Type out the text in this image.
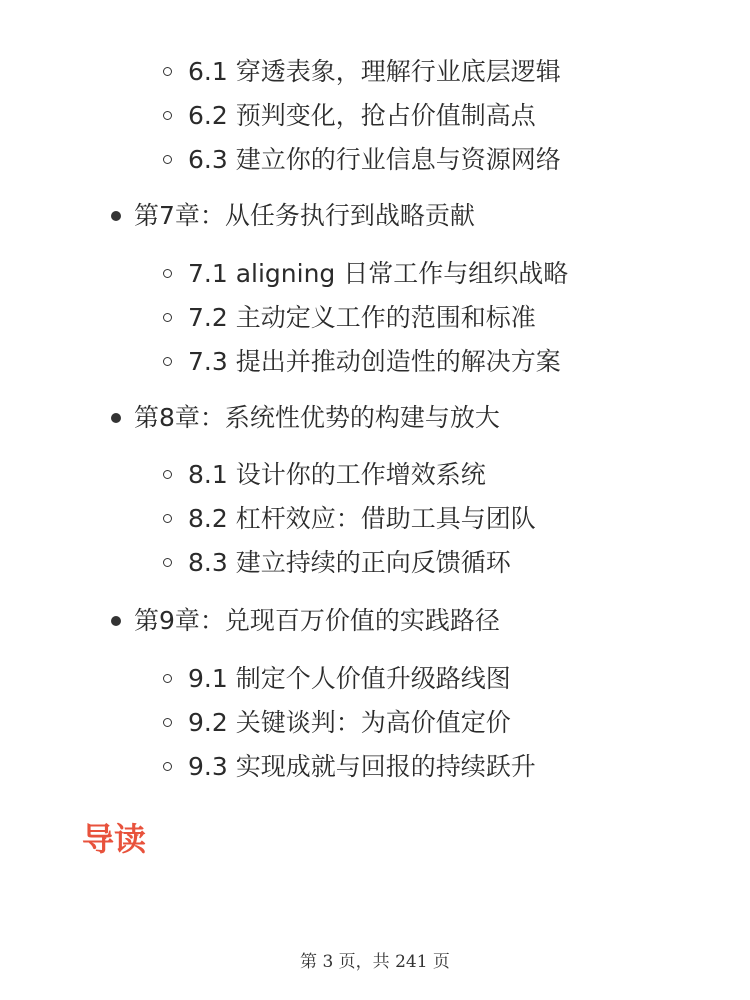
6.1 穿透表象，理解行业底层逻辑
6.2 预判变化，抢占价值制高点
6.3 建立你的行业信息与资源网络
第7章：从任务执行到战略贡献
7.1 aligning 日常工作与组织战略
7.2 主动定义工作的范围和标准
7.3 提出并推动创造性的解决方案
第8章：系统性优势的构建与放大
8.1 设计你的工作增效系统
8.2 杠杆效应：借助工具与团队
8.3 建立持续的正向反馈循环
第9章：兑现百万价值的实践路径
9.1 制定个人价值升级路线图
9.2 关键谈判：为高价值定价
9.3 实现成就与回报的持续跃升
导读
第 3 页，共 241 页
